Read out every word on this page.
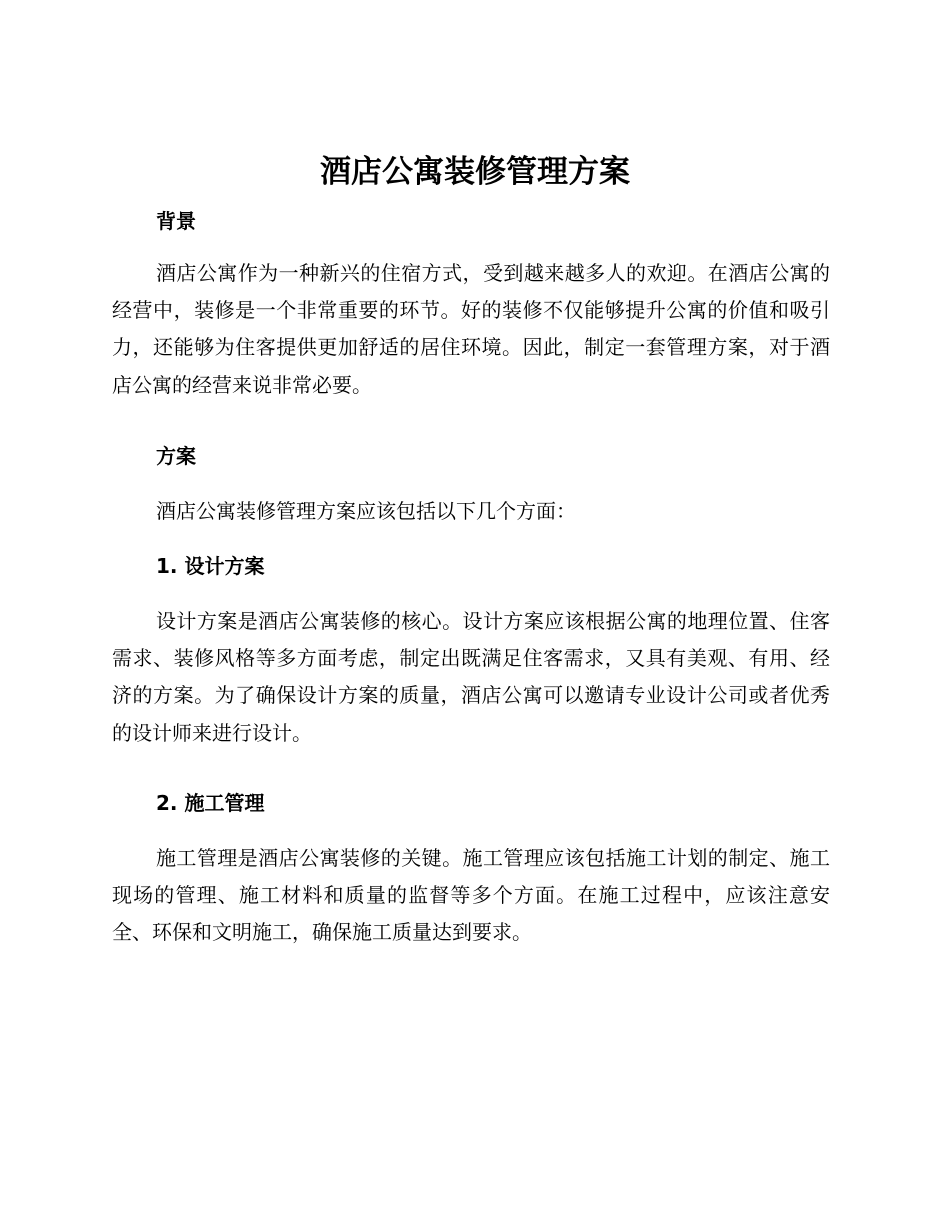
酒店公寓装修管理方案
背景

酒店公寓作为一种新兴的住宿方式，受到越来越多人的欢迎。在酒店公寓的经营中，装修是一个非常重要的环节。好的装修不仅能够提升公寓的价值和吸引力，还能够为住客提供更加舒适的居住环境。因此，制定一套管理方案，对于酒店公寓的经营来说非常必要。

方案

酒店公寓装修管理方案应该包括以下几个方面：

1. 设计方案

设计方案是酒店公寓装修的核心。设计方案应该根据公寓的地理位置、住客需求、装修风格等多方面考虑，制定出既满足住客需求，又具有美观、有用、经济的方案。为了确保设计方案的质量，酒店公寓可以邀请专业设计公司或者优秀的设计师来进行设计。

2. 施工管理

施工管理是酒店公寓装修的关键。施工管理应该包括施工计划的制定、施工现场的管理、施工材料和质量的监督等多个方面。在施工过程中，应该注意安全、环保和文明施工，确保施工质量达到要求。
